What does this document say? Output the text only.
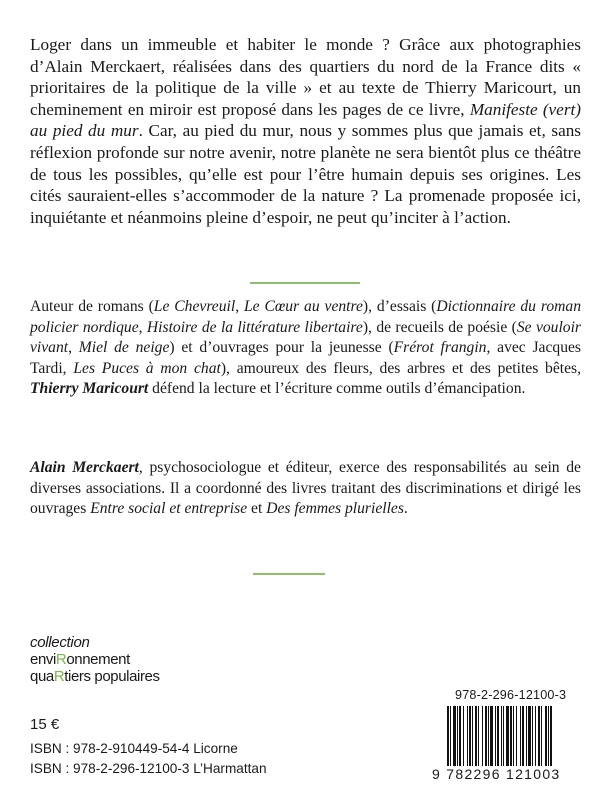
Loger dans un immeuble et habiter le monde ? Grâce aux photographies d’Alain Merckaert, réalisées dans des quartiers du nord de la France dits « prioritaires de la politique de la ville » et au texte de Thierry Maricourt, un cheminement en miroir est proposé dans les pages de ce livre, Manifeste (vert) au pied du mur. Car, au pied du mur, nous y sommes plus que jamais et, sans réflexion profonde sur notre avenir, notre planète ne sera bientôt plus ce théâtre de tous les possibles, qu’elle est pour l’être humain depuis ses origines. Les cités sauraient-elles s’accommoder de la nature ? La promenade proposée ici, inquiétante et néanmoins pleine d’espoir, ne peut qu’inciter à l’action.
Auteur de romans (Le Chevreuil, Le Cœur au ventre), d’essais (Dictionnaire du roman policier nordique, Histoire de la littérature libertaire), de recueils de poésie (Se vouloir vivant, Miel de neige) et d’ouvrages pour la jeunesse (Frérot frangin, avec Jacques Tardi, Les Puces à mon chat), amoureux des fleurs, des arbres et des petites bêtes, Thierry Maricourt défend la lecture et l’écriture comme outils d’émancipation.
Alain Merckaert, psychosociologue et éditeur, exerce des responsabilités au sein de diverses associations. Il a coordonné des livres traitant des discriminations et dirigé les ouvrages Entre social et entreprise et Des femmes plurielles.
collection
enviRonnement
quaRtiers populaires
15 €
ISBN : 978-2-910449-54-4 Licorne
ISBN : 978-2-296-12100-3 L’Harmattan
978-2-296-12100-3
9 782296 121003
